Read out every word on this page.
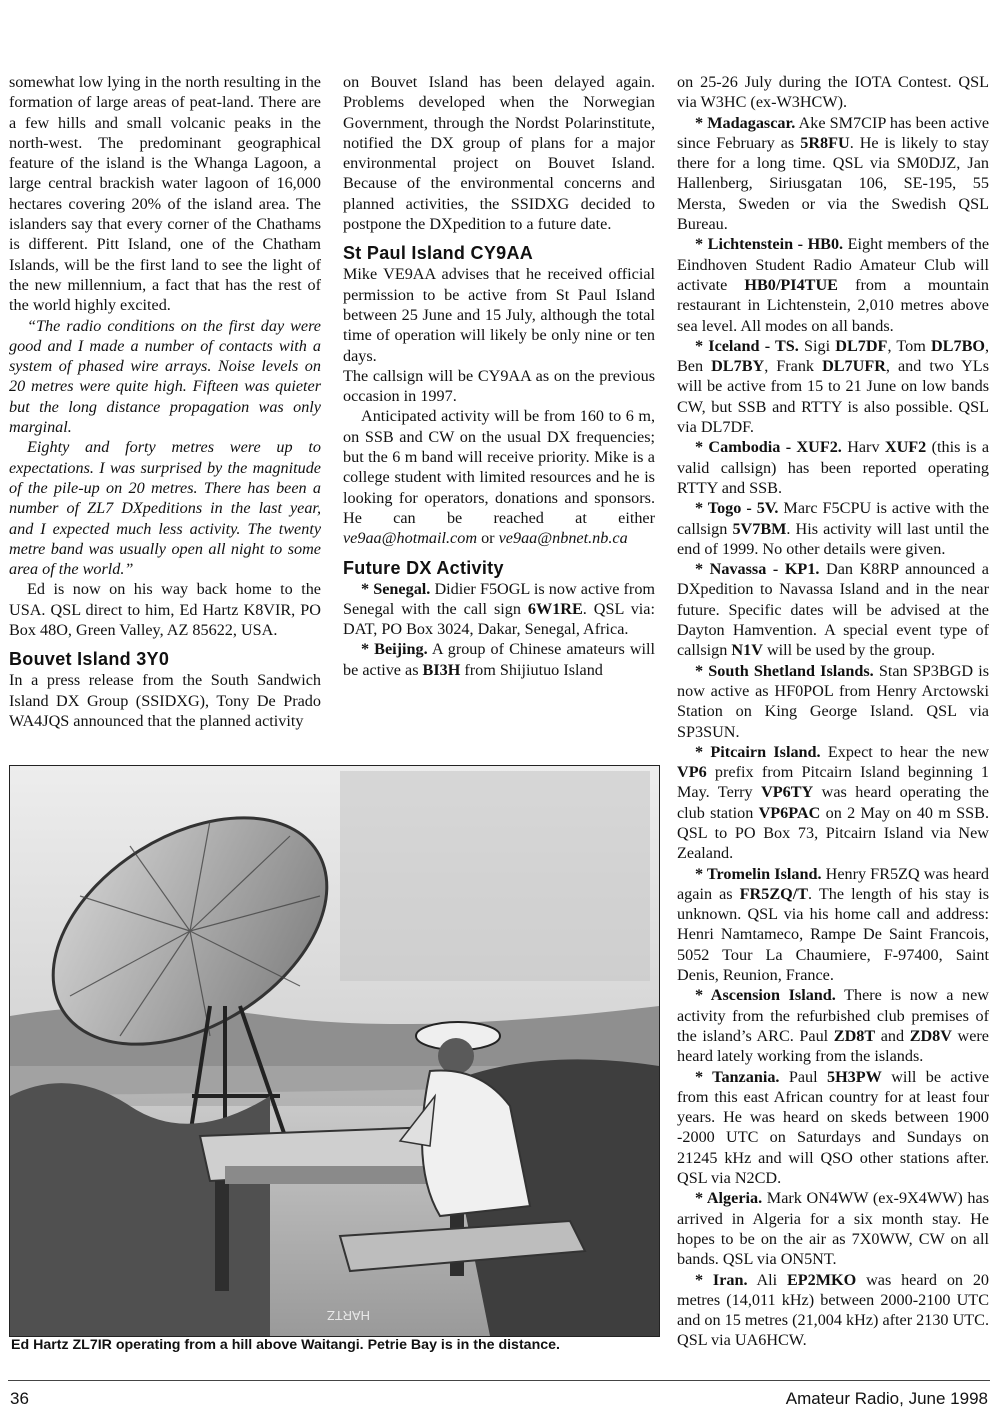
somewhat low lying in the north resulting in the formation of large areas of peat-land. There are a few hills and small volcanic peaks in the north-west. The predominant geographical feature of the island is the Whanga Lagoon, a large central brackish water lagoon of 16,000 hectares covering 20% of the island area. The islanders say that every corner of the Chathams is different. Pitt Island, one of the Chatham Islands, will be the first land to see the light of the new millennium, a fact that has the rest of the world highly excited.

“The radio conditions on the first day were good and I made a number of contacts with a system of phased wire arrays. Noise levels on 20 metres were quite high. Fifteen was quieter but the long distance propagation was only marginal.

Eighty and forty metres were up to expectations. I was surprised by the magnitude of the pile-up on 20 metres. There has been a number of ZL7 DXpeditions in the last year, and I expected much less activity. The twenty metre band was usually open all night to some area of the world.”

Ed is now on his way back home to the USA. QSL direct to him, Ed Hartz K8VIR, PO Box 48O, Green Valley, AZ 85622, USA.

Bouvet Island 3Y0

In a press release from the South Sandwich Island DX Group (SSIDXG), Tony De Prado WA4JQS announced that the planned activity

on Bouvet Island has been delayed again. Problems developed when the Norwegian Government, through the Nordst Polarinstitute, notified the DX group of plans for a major environmental project on Bouvet Island. Because of the environmental concerns and planned activities, the SSIDXG decided to postpone the DXpedition to a future date.

St Paul Island CY9AA

Mike VE9AA advises that he received official permission to be active from St Paul Island between 25 June and 15 July, although the total time of operation will likely be only nine or ten days.

The callsign will be CY9AA as on the previous occasion in 1997.

Anticipated activity will be from 160 to 6 m, on SSB and CW on the usual DX frequencies; but the 6 m band will receive priority. Mike is a college student with limited resources and he is looking for operators, donations and sponsors. He can be reached at either ve9aa@hotmail.com or ve9aa@nbnet.nb.ca

Future DX Activity

* Senegal. Didier F5OGL is now active from Senegal with the call sign 6W1RE. QSL via: DAT, PO Box 3024, Dakar, Senegal, Africa.

* Beijing. A group of Chinese amateurs will be active as BI3H from Shijiutuo Island

on 25-26 July during the IOTA Contest. QSL via W3HC (ex-W3HCW).

* Madagascar. Ake SM7CIP has been active since February as 5R8FU. He is likely to stay there for a long time. QSL via SM0DJZ, Jan Hallenberg, Siriusgatan 106, SE-195, 55 Mersta, Sweden or via the Swedish QSL Bureau.

* Lichtenstein - HB0. Eight members of the Eindhoven Student Radio Amateur Club will activate HB0/PI4TUE from a mountain restaurant in Lichtenstein, 2,010 metres above sea level. All modes on all bands.

* Iceland - TS. Sigi DL7DF, Tom DL7BO, Ben DL7BY, Frank DL7UFR, and two YLs will be active from 15 to 21 June on low bands CW, but SSB and RTTY is also possible. QSL via DL7DF.

* Cambodia - XUF2. Harv XUF2 (this is a valid callsign) has been reported operating RTTY and SSB.

* Togo - 5V. Marc F5CPU is active with the callsign 5V7BM. His activity will last until the end of 1999. No other details were given.

* Navassa - KP1. Dan K8RP announced a DXpedition to Navassa Island and in the near future. Specific dates will be advised at the Dayton Hamvention. A special event type of callsign N1V will be used by the group.

* South Shetland Islands. Stan SP3BGD is now active as HF0POL from Henry Arctowski Station on King George Island. QSL via SP3SUN.

* Pitcairn Island. Expect to hear the new VP6 prefix from Pitcairn Island beginning 1 May. Terry VP6TY was heard operating the club station VP6PAC on 2 May on 40 m SSB. QSL to PO Box 73, Pitcairn Island via New Zealand.

* Tromelin Island. Henry FR5ZQ was heard again as FR5ZQ/T. The length of his stay is unknown. QSL via his home call and address: Henri Namtameco, Rampe De Saint Francois, 5052 Tour La Chaumiere, F-97400, Saint Denis, Reunion, France.

* Ascension Island. There is now a new activity from the refurbished club premises of the island’s ARC. Paul ZD8T and ZD8V were heard lately working from the islands.

* Tanzania. Paul 5H3PW will be active from this east African country for at least four years. He was heard on skeds between 1900 -2000 UTC on Saturdays and Sundays on 21245 kHz and will QSO other stations after. QSL via N2CD.

* Algeria. Mark ON4WW (ex-9X4WW) has arrived in Algeria for a six month stay. He hopes to be on the air as 7X0WW, CW on all bands. QSL via ON5NT.

* Iran. Ali EP2MKO was heard on 20 metres (14,011 kHz) between 2000-2100 UTC and on 15 metres (21,004 kHz) after 2130 UTC. QSL via UA6HCW.

HARTZ
Ed Hartz ZL7IR operating from a hill above Waitangi. Petrie Bay is in the distance.
36	Amateur Radio, June 1998
